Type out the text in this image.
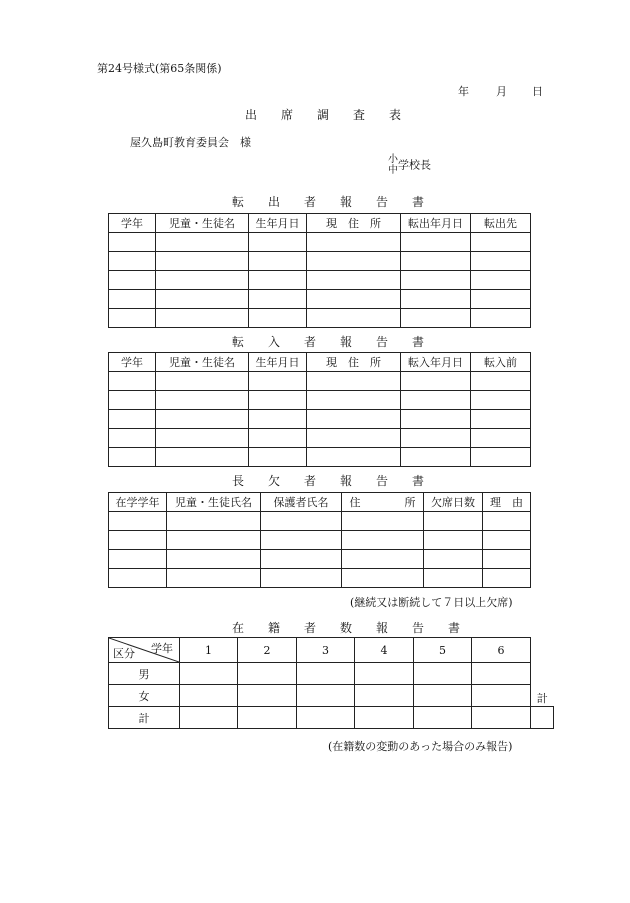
第24号様式(第65条関係)
年 月 日
出　　席　　調　　査　　表
屋久島町教育委員会　様
小
中学校長
転　　出　　者　　報　　告　　書
学年	児童・生徒名	生年月日	現　住　所	転出年月日	転出先

転　　入　　者　　報　　告　　書
学年	児童・生徒名	生年月日	現　住　所	転入年月日	転入前

長　　欠　　者　　報　　告　　書
在学学年	児童・生徒氏名	保護者氏名	住　　　　所	欠席日数	理　由

(継続又は断続して７日以上欠席)
在　　籍　　者　　数　　報　　告　　書
学年
区分	1	2	3	4	5	6	
男							
女							計
計							
(在籍数の変動のあった場合のみ報告)
